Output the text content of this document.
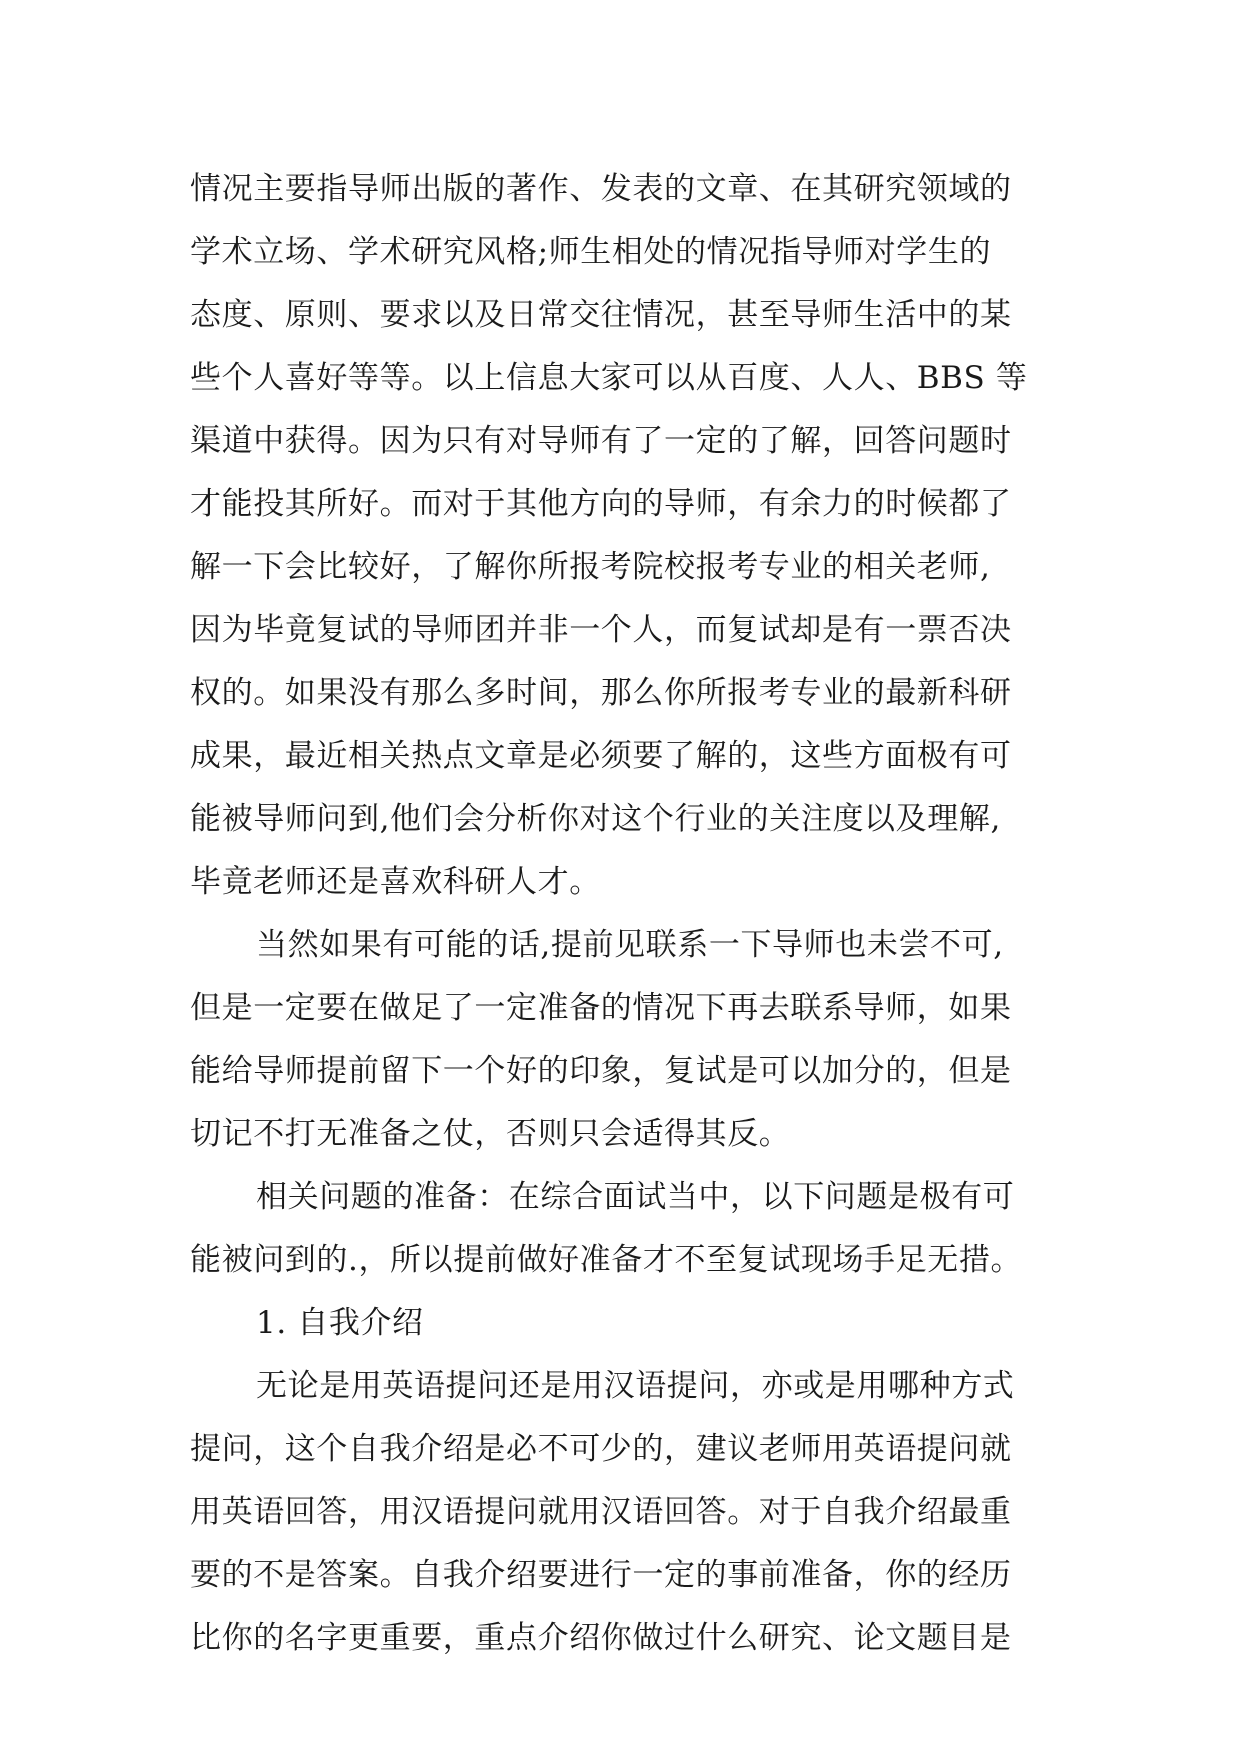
情况主要指导师出版的著作、发表的文章、在其研究领域的
学术立场、学术研究风格;师生相处的情况指导师对学生的
态度、原则、要求以及日常交往情况，甚至导师生活中的某
些个人喜好等等。以上信息大家可以从百度、人人、BBS 等
渠道中获得。因为只有对导师有了一定的了解，回答问题时
才能投其所好。而对于其他方向的导师，有余力的时候都了
解一下会比较好，了解你所报考院校报考专业的相关老师,
因为毕竟复试的导师团并非一个人，而复试却是有一票否决
权的。如果没有那么多时间，那么你所报考专业的最新科研
成果，最近相关热点文章是必须要了解的，这些方面极有可
能被导师问到,他们会分析你对这个行业的关注度以及理解,
毕竟老师还是喜欢科研人才。
当然如果有可能的话,提前见联系一下导师也未尝不可,
但是一定要在做足了一定准备的情况下再去联系导师，如果
能给导师提前留下一个好的印象，复试是可以加分的，但是
切记不打无准备之仗，否则只会适得其反。
相关问题的准备：在综合面试当中，以下问题是极有可
能被问到的.，所以提前做好准备才不至复试现场手足无措。
1. 自我介绍
无论是用英语提问还是用汉语提问，亦或是用哪种方式
提问，这个自我介绍是必不可少的，建议老师用英语提问就
用英语回答，用汉语提问就用汉语回答。对于自我介绍最重
要的不是答案。自我介绍要进行一定的事前准备，你的经历
比你的名字更重要，重点介绍你做过什么研究、论文题目是
